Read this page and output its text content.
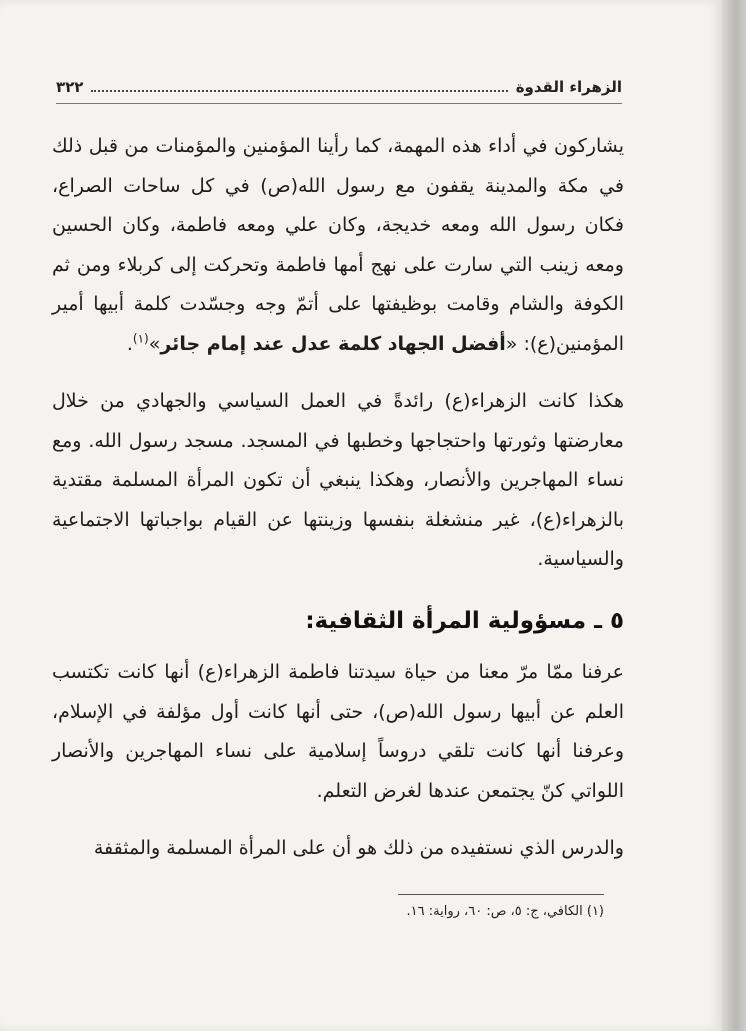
الزهراء القدوة
٣٢٢

يشاركون في أداء هذه المهمة، كما رأينا المؤمنين والمؤمنات من قبل ذلك في مكة والمدينة يقفون مع رسول الله(ص) في كل ساحات الصراع، فكان رسول الله ومعه خديجة، وكان علي ومعه فاطمة، وكان الحسين ومعه زينب التي سارت على نهج أمها فاطمة وتحركت إلى كربلاء ومن ثم الكوفة والشام وقامت بوظيفتها على أتمّ وجه وجسّدت كلمة أبيها أمير المؤمنين(ع): «أفضل الجهاد كلمة عدل عند إمام جائر»$^{(١)}$.

هكذا كانت الزهراء(ع) رائدةً في العمل السياسي والجهادي من خلال معارضتها وثورتها واحتجاجها وخطبها في المسجد. مسجد رسول الله. ومع نساء المهاجرين والأنصار، وهكذا ينبغي أن تكون المرأة المسلمة مقتدية بالزهراء(ع)، غير منشغلة بنفسها وزينتها عن القيام بواجباتها الاجتماعية والسياسية.

٥ ـ مسؤولية المرأة الثقافية:

عرفنا ممّا مرّ معنا من حياة سيدتنا فاطمة الزهراء(ع) أنها كانت تكتسب العلم عن أبيها رسول الله(ص)، حتى أنها كانت أول مؤلفة في الإسلام، وعرفنا أنها كانت تلقي دروساً إسلامية على نساء المهاجرين والأنصار اللواتي كنّ يجتمعن عندها لغرض التعلم.

والدرس الذي نستفيده من ذلك هو أن على المرأة المسلمة والمثقفة

(١) الكافي، ج: ٥، ص: ٦٠، رواية: ١٦.
